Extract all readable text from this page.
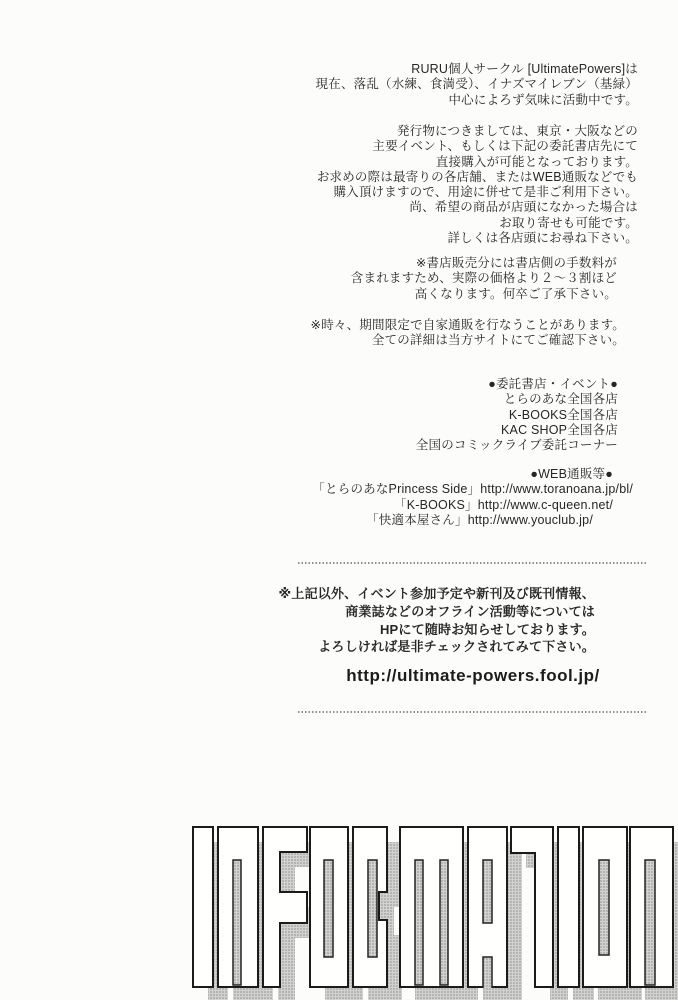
RURU個人サークル [UltimatePowers]は
現在、落乱（水練、食満受）、イナズマイレブン（基緑）
中心によろず気味に活動中です。
発行物につきましては、東京・大阪などの
主要イベント、もしくは下記の委託書店先にて
直接購入が可能となっております。
お求めの際は最寄りの各店舗、またはWEB通販などでも
購入頂けますので、用途に併せて是非ご利用下さい。
尚、希望の商品が店頭になかった場合は
お取り寄せも可能です。
詳しくは各店頭にお尋ね下さい。
※書店販売分には書店側の手数料が
含まれますため、実際の価格より２～３割ほど
高くなります。何卒ご了承下さい。
※時々、期間限定で自家通販を行なうことがあります。
全ての詳細は当方サイトにてご確認下さい。
●委託書店・イベント●
とらのあな全国各店
K-BOOKS全国各店
KAC SHOP全国各店
全国のコミックライブ委託コーナー
●WEB通販等●
「とらのあなPrincess Side」http://www.toranoana.jp/bl/
「K-BOOKS」http://www.c-queen.net/
「快適本屋さん」http://www.youclub.jp/
※上記以外、イベント参加予定や新刊及び既刊情報、
商業誌などのオフライン活動等については
HPにて随時お知らせしております。
よろしければ是非チェックされてみて下さい。
http://ultimate-powers.fool.jp/
